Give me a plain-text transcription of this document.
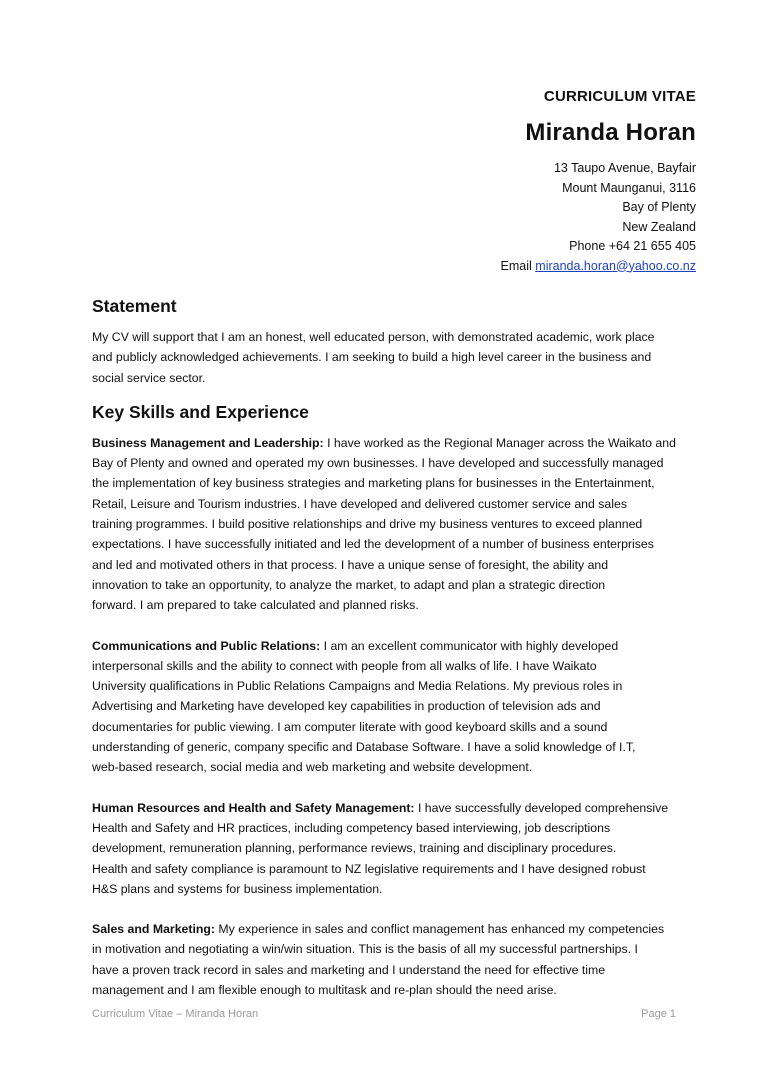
CURRICULUM VITAE
Miranda Horan
13 Taupo Avenue, Bayfair
Mount Maunganui, 3116
Bay of Plenty
New Zealand
Phone +64 21 655 405
Email miranda.horan@yahoo.co.nz
Statement
My CV will support that I am an honest, well educated person, with demonstrated academic, work place
and publicly acknowledged achievements. I am seeking to build a high level career in the business and
social service sector.
Key Skills and Experience
Business Management and Leadership: I have worked as the Regional Manager across the Waikato and
Bay of Plenty and owned and operated my own businesses. I have developed and successfully managed
the implementation of key business strategies and marketing plans for businesses in the Entertainment,
Retail, Leisure and Tourism industries. I have developed and delivered customer service and sales
training programmes. I build positive relationships and drive my business ventures to exceed planned
expectations. I have successfully initiated and led the development of a number of business enterprises
and led and motivated others in that process. I have a unique sense of foresight, the ability and
innovation to take an opportunity, to analyze the market, to adapt and plan a strategic direction
forward. I am prepared to take calculated and planned risks.
Communications and Public Relations: I am an excellent communicator with highly developed
interpersonal skills and the ability to connect with people from all walks of life. I have Waikato
University qualifications in Public Relations Campaigns and Media Relations. My previous roles in
Advertising and Marketing have developed key capabilities in production of television ads and
documentaries for public viewing. I am computer literate with good keyboard skills and a sound
understanding of generic, company specific and Database Software. I have a solid knowledge of I.T,
web-based research, social media and web marketing and website development.
Human Resources and Health and Safety Management: I have successfully developed comprehensive
Health and Safety and HR practices, including competency based interviewing, job descriptions
development, remuneration planning, performance reviews, training and disciplinary procedures.
Health and safety compliance is paramount to NZ legislative requirements and I have designed robust
H&S plans and systems for business implementation.
Sales and Marketing: My experience in sales and conflict management has enhanced my competencies
in motivation and negotiating a win/win situation. This is the basis of all my successful partnerships. I
have a proven track record in sales and marketing and I understand the need for effective time
management and I am flexible enough to multitask and re-plan should the need arise.
Curriculum Vitae – Miranda Horan	Page 1
